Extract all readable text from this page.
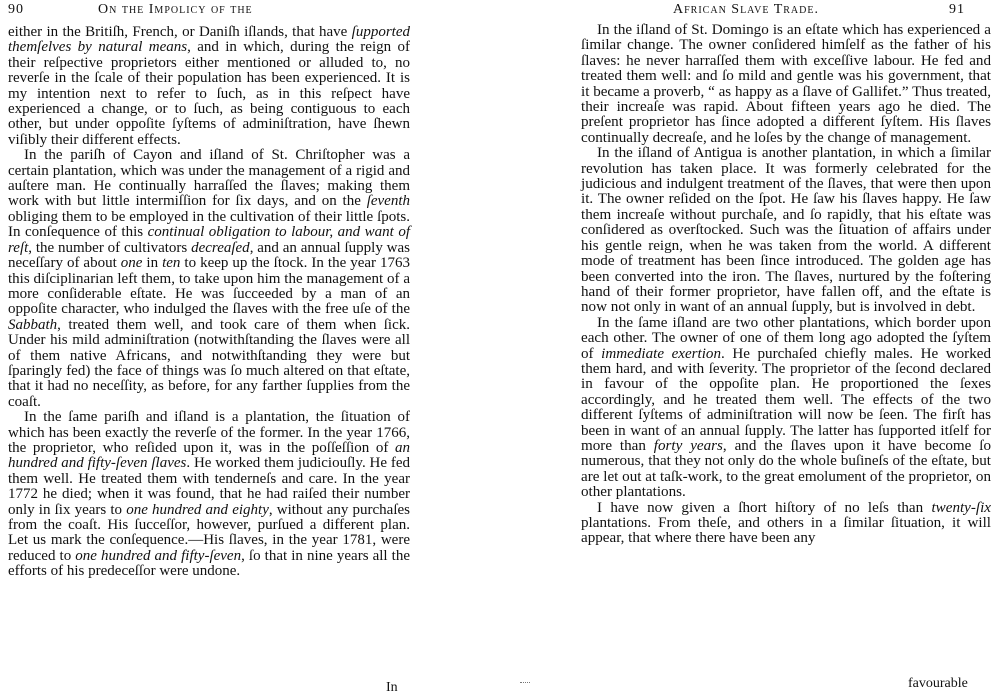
90	On the Impolicy of the

either in the Britiſh, French, or Daniſh iſlands, that have ſupported themſelves by natural means, and in which, during the reign of their reſpective proprietors either mentioned or alluded to, no reverſe in the ſcale of their population has been experienced. It is my intention next to refer to ſuch, as in this reſpect have experienced a change, or to ſuch, as being contiguous to each other, but under oppoſite ſyſtems of adminiſtration, have ſhewn viſibly their different effects.

In the pariſh of Cayon and iſland of St. Chriſtopher was a certain plantation, which was under the management of a rigid and auſtere man. He continually harraſſed the ſlaves; making them work with but little intermiſſion for ſix days, and on the ſeventh obliging them to be employed in the cultivation of their little ſpots. In conſequence of this continual obligation to labour, and want of reſt, the number of cultivators decreaſed, and an annual ſupply was neceſſary of about one in ten to keep up the ſtock. In the year 1763 this diſciplinarian left them, to take upon him the management of a more conſiderable eſtate. He was ſucceeded by a man of an oppoſite character, who indulged the ſlaves with the free uſe of the Sabbath, treated them well, and took care of them when ſick. Under his mild adminiſtration (notwithſtanding the ſlaves were all of them native Africans, and notwithſtanding they were but ſparingly fed) the face of things was ſo much altered on that eſtate, that it had no neceſſity, as before, for any farther ſupplies from the coaſt.

In the ſame pariſh and iſland is a plantation, the ſituation of which has been exactly the reverſe of the former. In the year 1766, the proprietor, who reſided upon it, was in the poſſeſſion of an hundred and fifty-ſeven ſlaves. He worked them judiciouſly. He fed them well. He treated them with tenderneſs and care. In the year 1772 he died; when it was found, that he had raiſed their number only in ſix years to one hundred and eighty, without any purchaſes from the coaſt. His ſucceſſor, however, purſued a different plan. Let us mark the conſequence.—His ſlaves, in the year 1781, were reduced to one hundred and fifty-ſeven, ſo that in nine years all the efforts of his predeceſſor were undone.

In
African Slave Trade.	91

In the iſland of St. Domingo is an eſtate which has experienced a ſimilar change. The owner conſidered himſelf as the father of his ſlaves: he never harraſſed them with exceſſive labour. He fed and treated them well: and ſo mild and gentle was his government, that it became a proverb, “ as happy as a ſlave of Gallifet.” Thus treated, their increaſe was rapid. About fifteen years ago he died. The preſent proprietor has ſince adopted a different ſyſtem. His ſlaves continually decreaſe, and he loſes by the change of management.

In the iſland of Antigua is another plantation, in which a ſimilar revolution has taken place. It was formerly celebrated for the judicious and indulgent treatment of the ſlaves, that were then upon it. The owner reſided on the ſpot. He ſaw his ſlaves happy. He ſaw them increaſe without purchaſe, and ſo rapidly, that his eſtate was conſidered as overſtocked. Such was the ſituation of affairs under his gentle reign, when he was taken from the world. A different mode of treatment has been ſince introduced. The golden age has been converted into the iron. The ſlaves, nurtured by the foſtering hand of their former proprietor, have fallen off, and the eſtate is now not only in want of an annual ſupply, but is involved in debt.

In the ſame iſland are two other plantations, which border upon each other. The owner of one of them long ago adopted the ſyſtem of immediate exertion. He purchaſed chiefly males. He worked them hard, and with ſeverity. The proprietor of the ſecond declared in favour of the oppoſite plan. He proportioned the ſexes accordingly, and he treated them well. The effects of the two different ſyſtems of adminiſtration will now be ſeen. The firſt has been in want of an annual ſupply. The latter has ſupported itſelf for more than forty years, and the ſlaves upon it have become ſo numerous, that they not only do the whole buſineſs of the eſtate, but are let out at taſk-work, to the great emolument of the proprietor, on other plantations.

I have now given a ſhort hiſtory of no leſs than twenty-ſix plantations. From theſe, and others in a ſimilar ſituation, it will appear, that where there have been any

favourable
